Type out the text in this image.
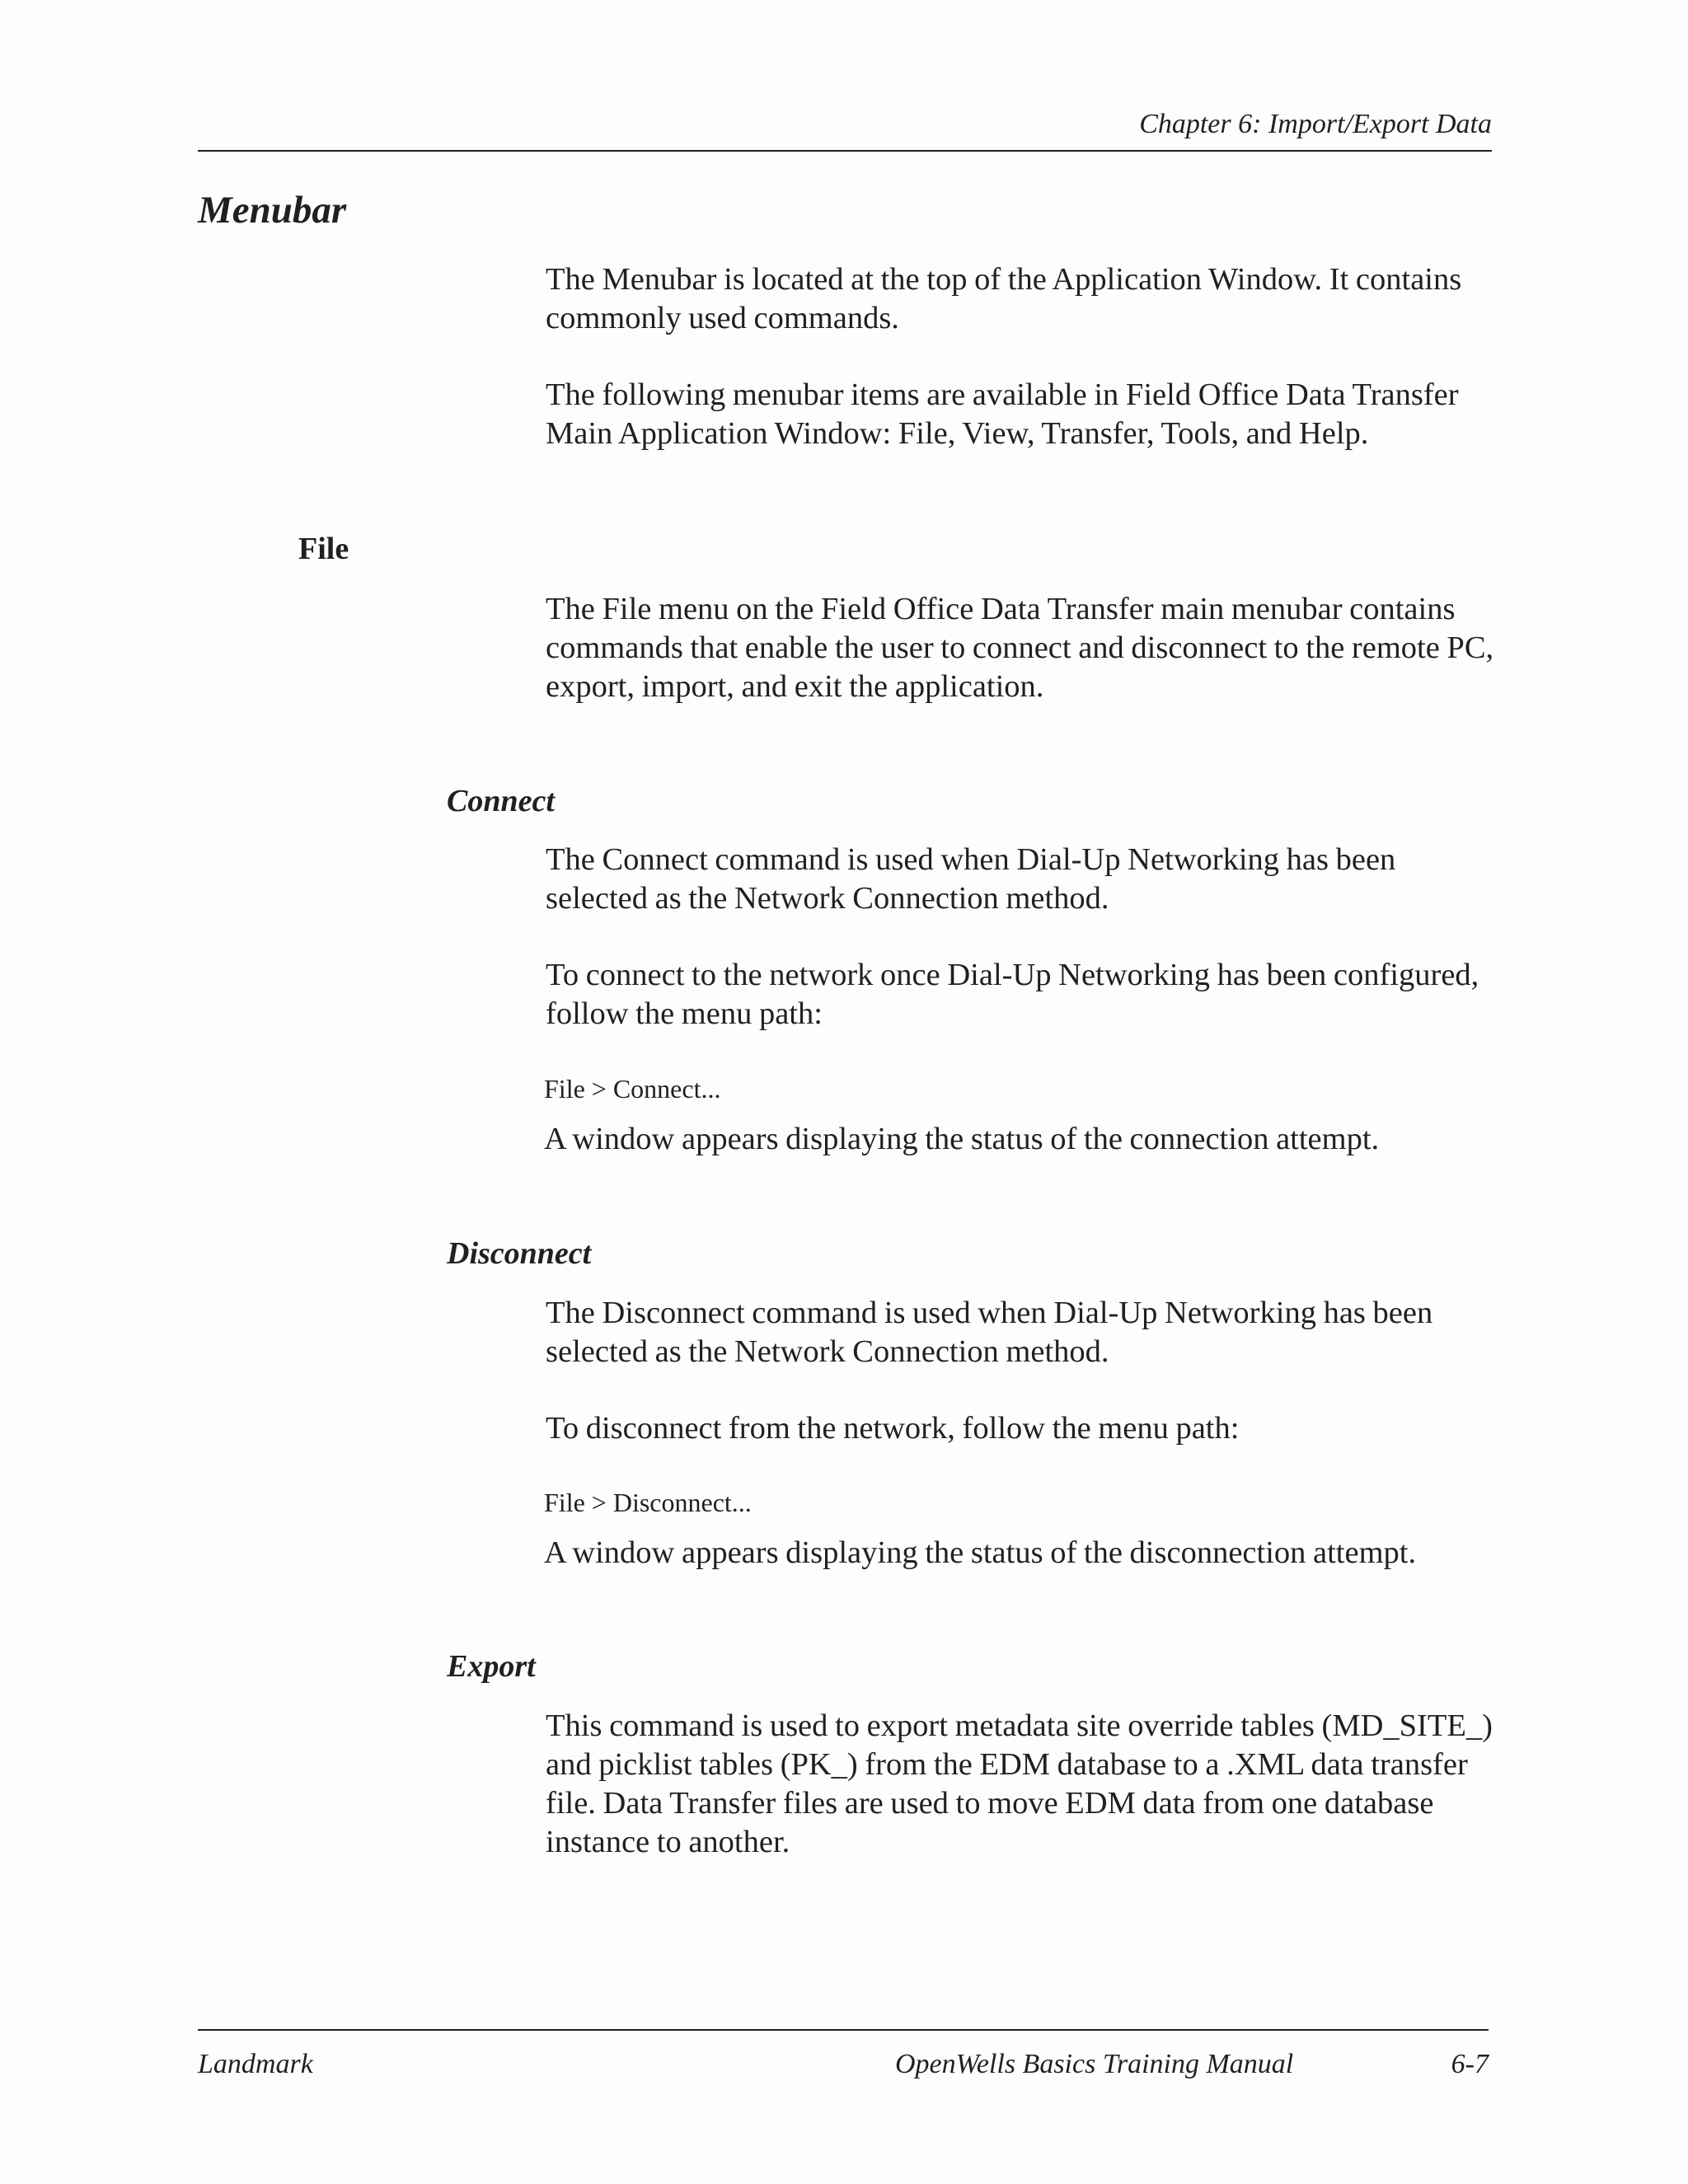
Chapter 6: Import/Export Data
Menubar

The Menubar is located at the top of the Application Window. It contains commonly used commands.

The following menubar items are available in Field Office Data Transfer Main Application Window: File, View, Transfer, Tools, and Help.

File

The File menu on the Field Office Data Transfer main menubar contains commands that enable the user to connect and disconnect to the remote PC, export, import, and exit the application.

Connect

The Connect command is used when Dial-Up Networking has been selected as the Network Connection method.

To connect to the network once Dial-Up Networking has been configured, follow the menu path:

File > Connect...

A window appears displaying the status of the connection attempt.

Disconnect

The Disconnect command is used when Dial-Up Networking has been selected as the Network Connection method.

To disconnect from the network, follow the menu path:

File > Disconnect...

A window appears displaying the status of the disconnection attempt.

Export

This command is used to export metadata site override tables (MD_SITE_) and picklist tables (PK_) from the EDM database to a .XML data transfer file. Data Transfer files are used to move EDM data from one database instance to another.

Landmark	OpenWells Basics Training Manual	6-7
